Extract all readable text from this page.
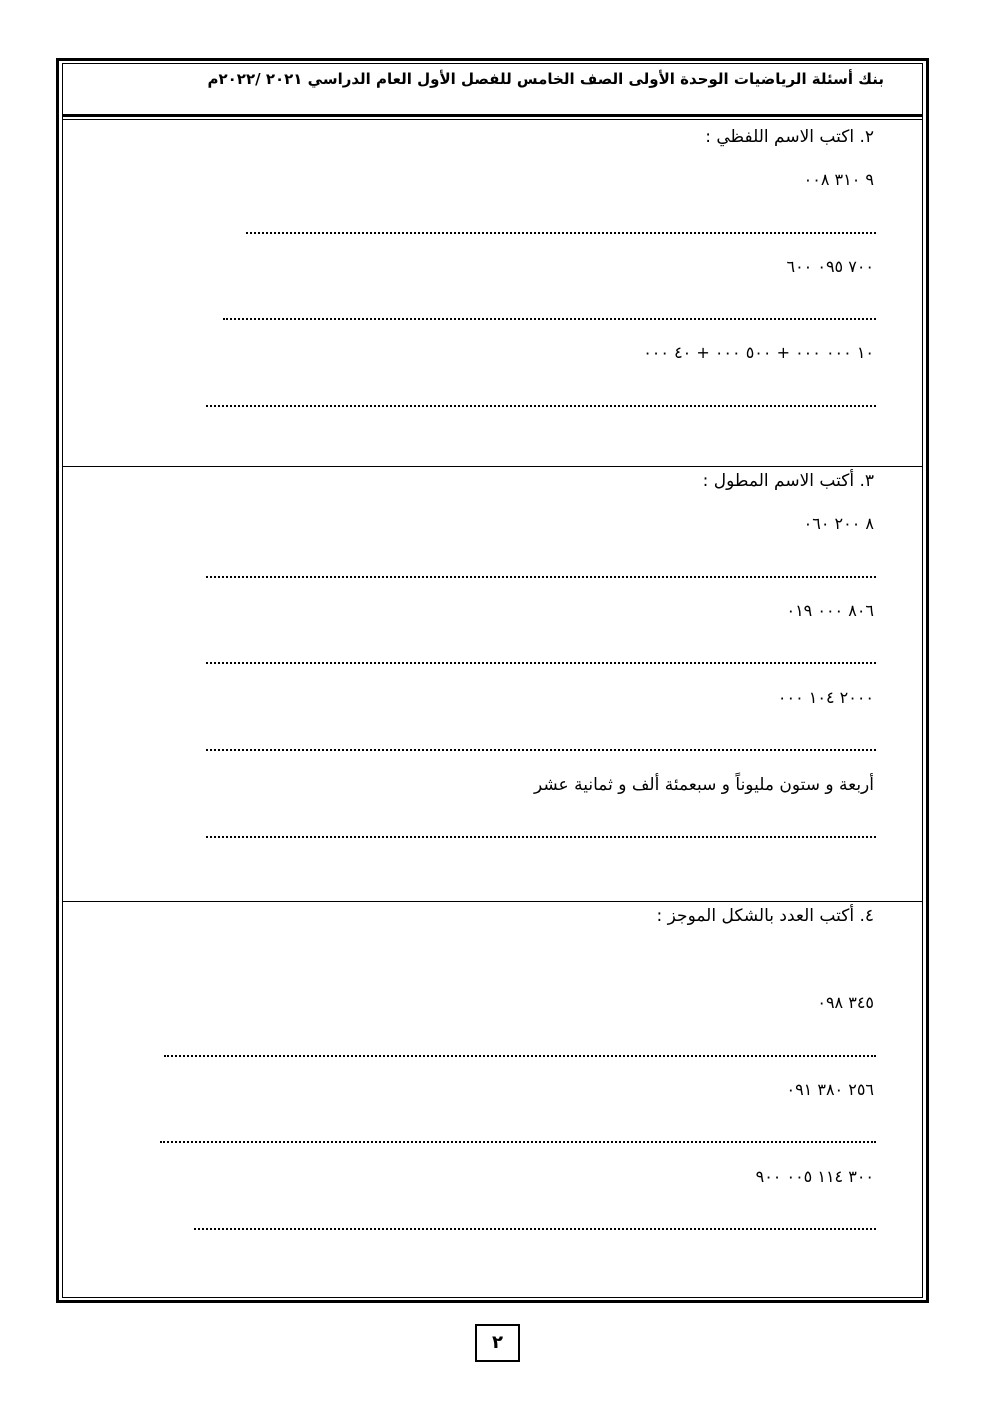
بنك أسئلة الرياضيات الوحدة الأولى الصف الخامس للفصل الأول العام الدراسي ٢٠٢١ /٢٠٢٢م
٢. اكتب الاسم اللفظي :
٩ ٣١٠ ٠٠٨
٧٠٠ ٠٩٥ ٦٠٠
١٠ ٠٠٠ ٠٠٠ + ٥٠٠ ٠٠٠ + ٤٠ ٠٠٠
٣. أكتب الاسم المطول :
٨ ٢٠٠ ٠٦٠
٨٠٦ ٠٠٠ ٠١٩
٢٠٠٠ ١٠٤ ٠٠٠
أربعة و ستون مليوناً و سبعمئة ألف و ثمانية عشر
٤. أكتب العدد بالشكل الموجز :
٣٤٥ ٠٩٨
٢٥٦ ٣٨٠ ٠٩١
٣٠٠ ١١٤ ٠٠٥ ٩٠٠
٢
